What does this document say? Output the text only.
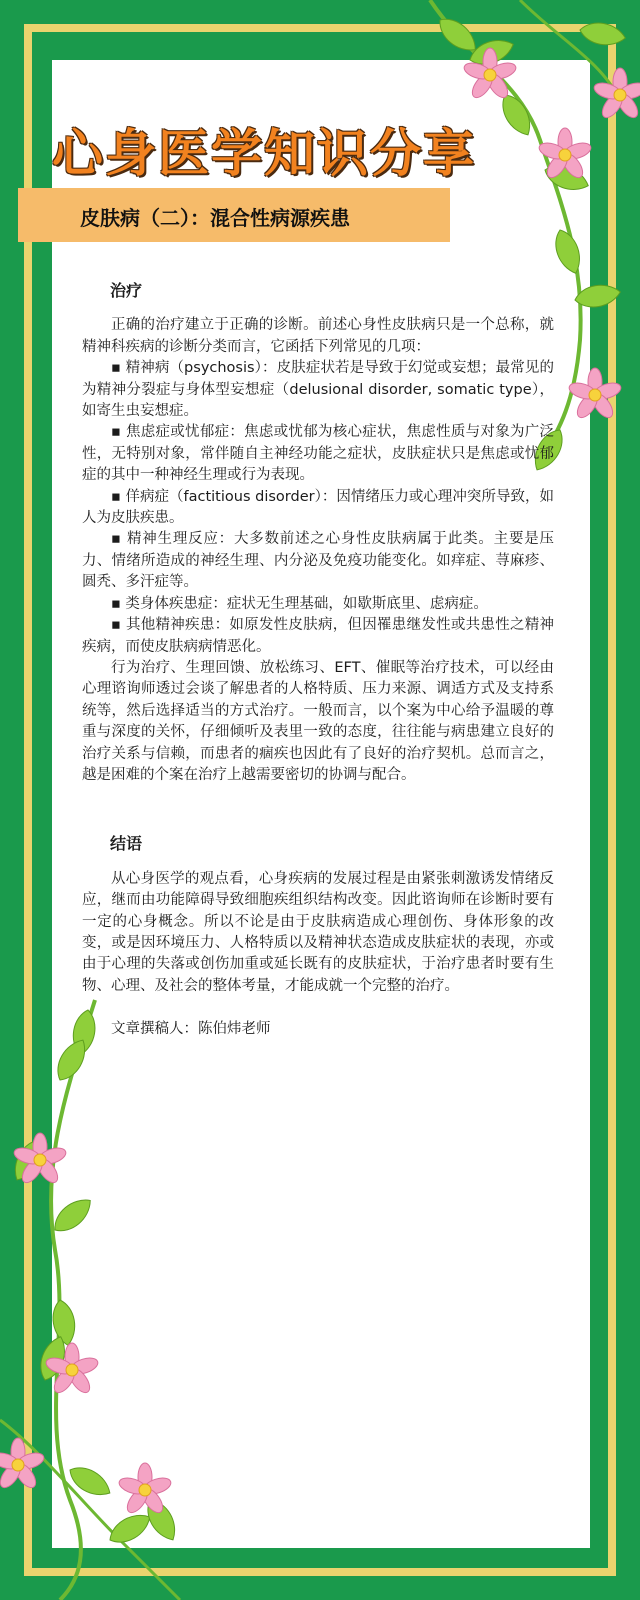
心身医学知识分享
皮肤病（二）：混合性病源疾患
治疗

正确的治疗建立于正确的诊断。前述心身性皮肤病只是一个总称，就精神科疾病的诊断分类而言，它函括下列常见的几项：

▪ 精神病（psychosis）：皮肤症状若是导致于幻觉或妄想；最常见的为精神分裂症与身体型妄想症（delusional disorder, somatic type），如寄生虫妄想症。

▪ 焦虑症或忧郁症：焦虑或忧郁为核心症状，焦虑性质与对象为广泛性，无特别对象，常伴随自主神经功能之症状，皮肤症状只是焦虑或忧郁症的其中一种神经生理或行为表现。

▪ 佯病症（factitious disorder）：因情绪压力或心理冲突所导致，如人为皮肤疾患。

▪ 精神生理反应：大多数前述之心身性皮肤病属于此类。主要是压力、情绪所造成的神经生理、内分泌及免疫功能变化。如痒症、荨麻疹、圆秃、多汗症等。

▪ 类身体疾患症：症状无生理基础，如歇斯底里、虑病症。

▪ 其他精神疾患：如原发性皮肤病，但因罹患继发性或共患性之精神疾病，而使皮肤病病情恶化。

行为治疗、生理回馈、放松练习、EFT、催眠等治疗技术，可以经由心理谘询师透过会谈了解患者的人格特质、压力来源、调适方式及支持系统等，然后选择适当的方式治疗。一般而言，以个案为中心给予温暖的尊重与深度的关怀，仔细倾听及表里一致的态度，往往能与病患建立良好的治疗关系与信赖，而患者的痼疾也因此有了良好的治疗契机。总而言之，越是困难的个案在治疗上越需要密切的协调与配合。

结语

从心身医学的观点看，心身疾病的发展过程是由紧张刺激诱发情绪反应，继而由功能障碍导致细胞疾组织结构改变。因此谘询师在诊断时要有一定的心身概念。所以不论是由于皮肤病造成心理创伤、身体形象的改变，或是因环境压力、人格特质以及精神状态造成皮肤症状的表现，亦或由于心理的失落或创伤加重或延长既有的皮肤症状，于治疗患者时要有生物、心理、及社会的整体考量，才能成就一个完整的治疗。

文章撰稿人：陈伯炜老师
